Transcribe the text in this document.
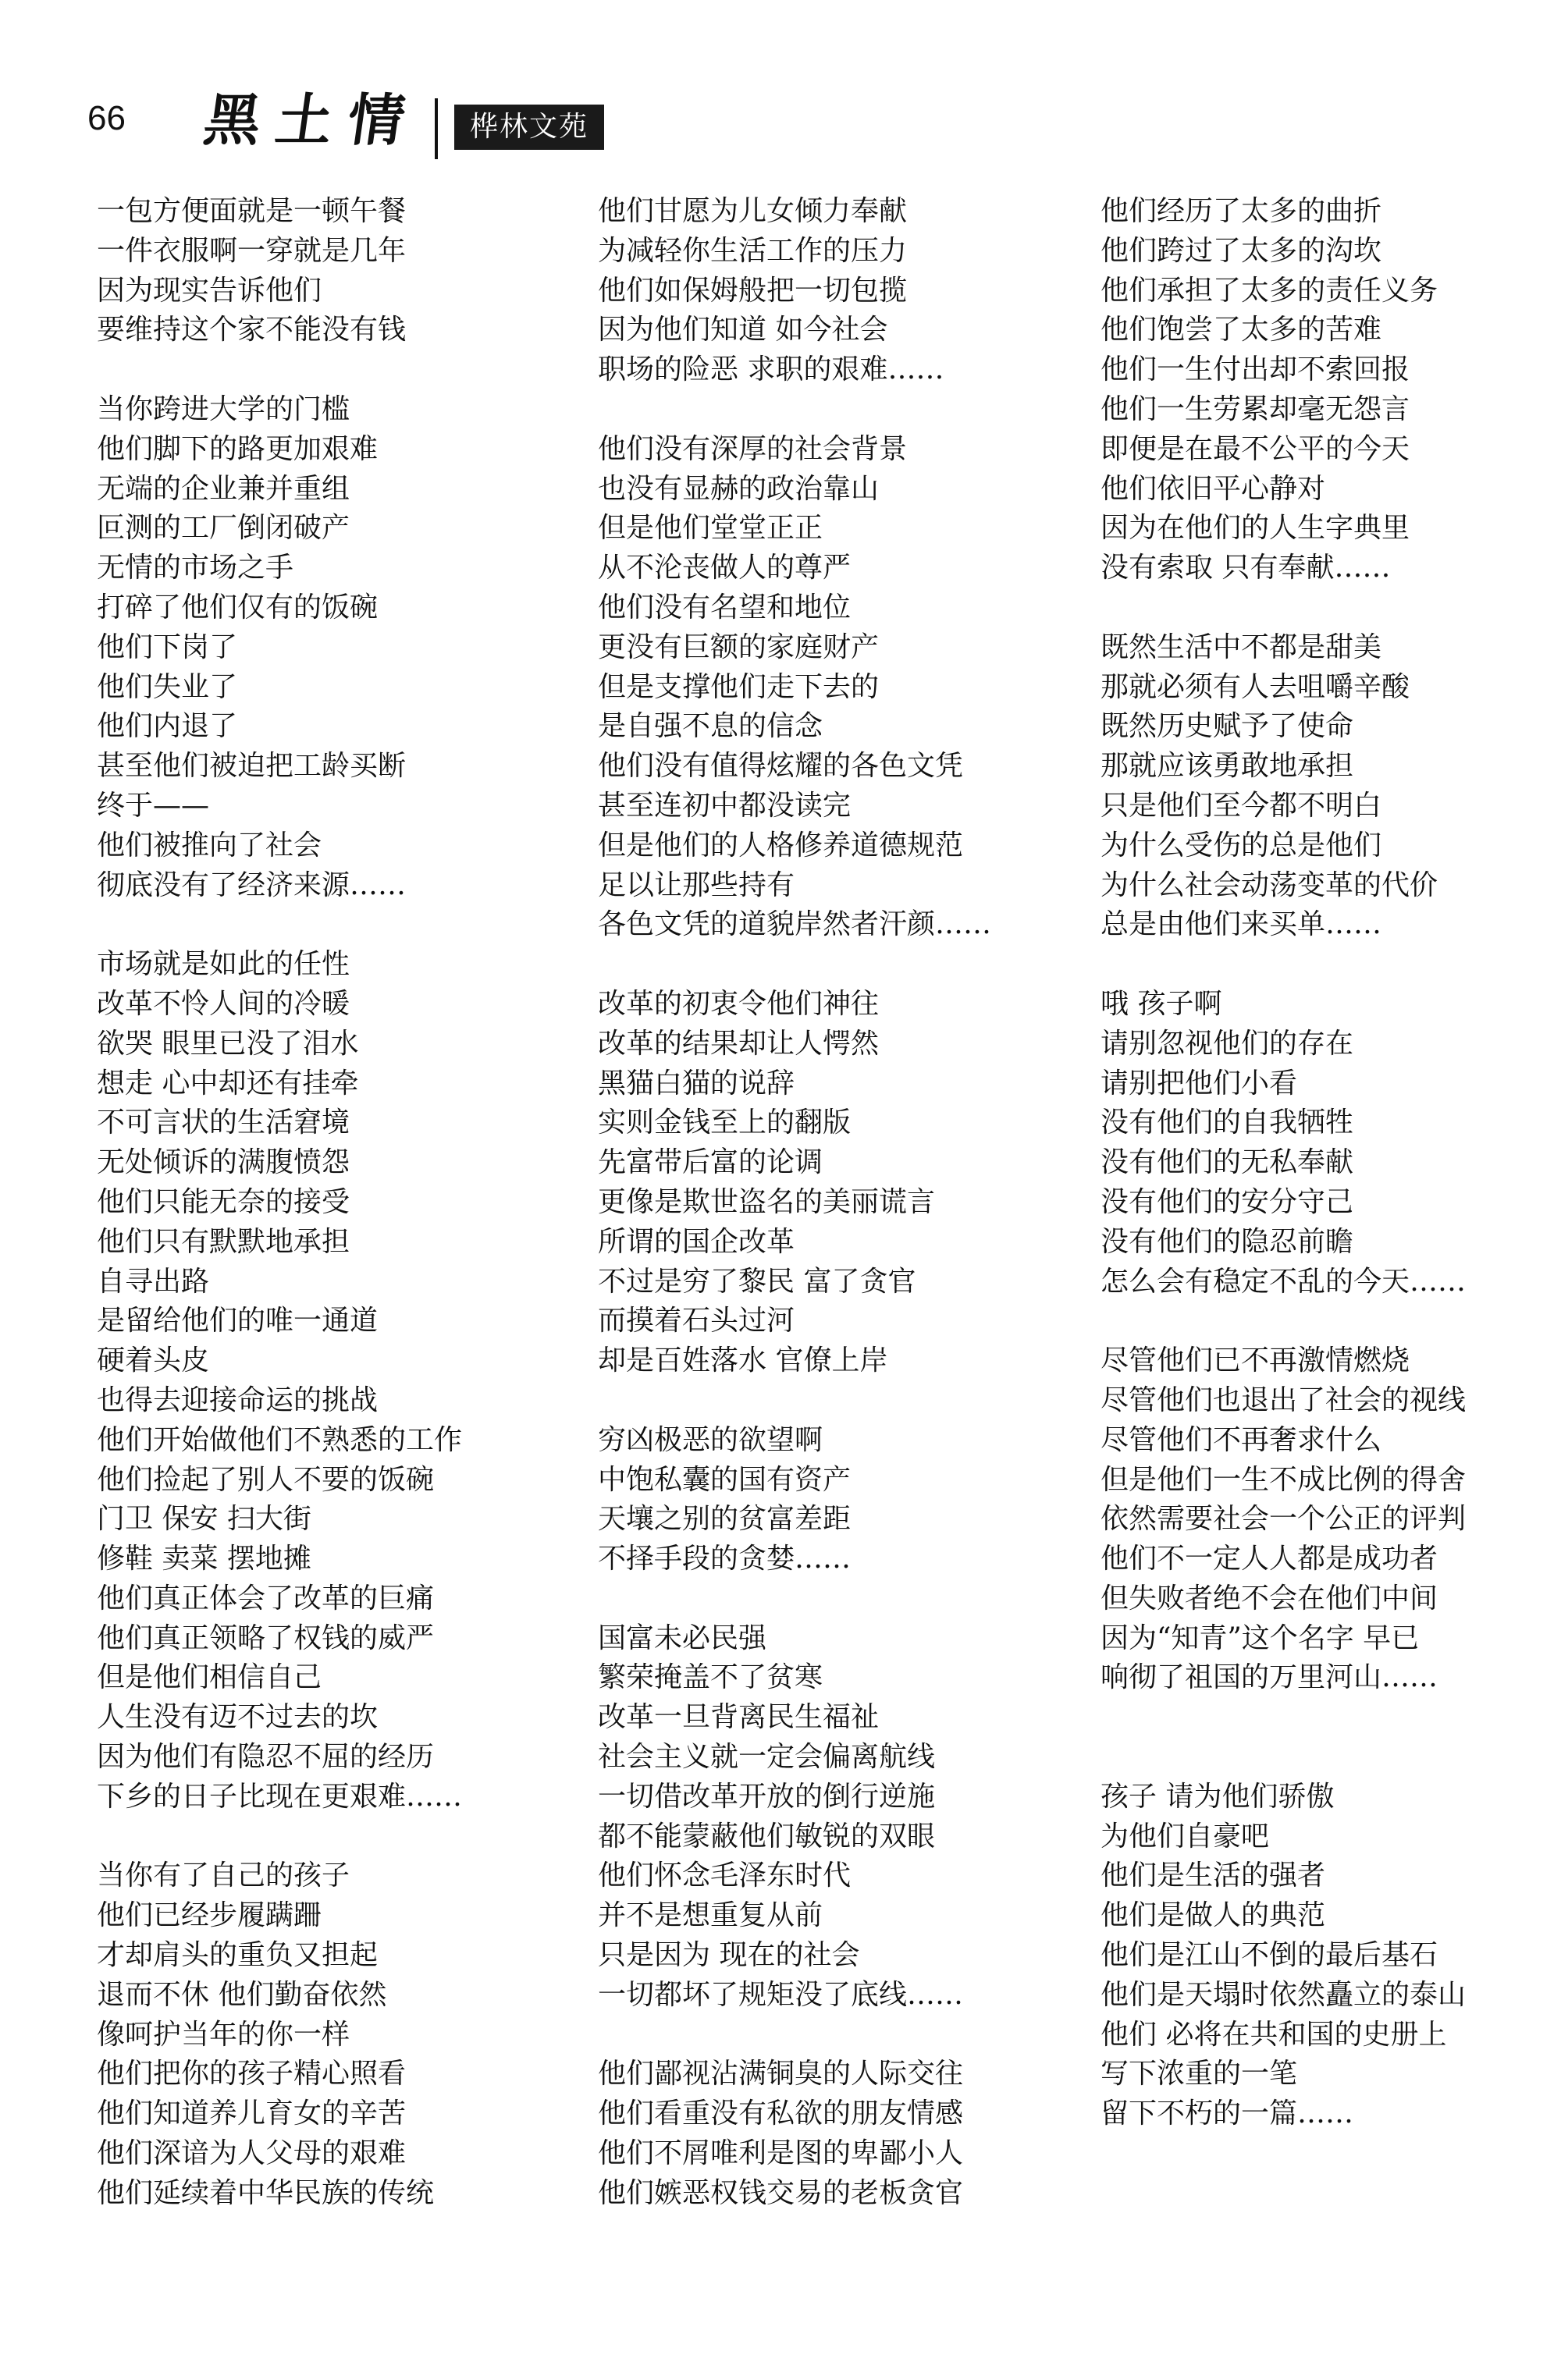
66 黑土情	桦林文苑
一包方便面就是一顿午餐
一件衣服啊一穿就是几年
因为现实告诉他们
要维持这个家不能没有钱
当你跨进大学的门槛
他们脚下的路更加艰难
无端的企业兼并重组
叵测的工厂倒闭破产
无情的市场之手
打碎了他们仅有的饭碗
他们下岗了
他们失业了
他们内退了
甚至他们被迫把工龄买断
终于——
他们被推向了社会
彻底没有了经济来源……
市场就是如此的任性
改革不怜人间的冷暖
欲哭 眼里已没了泪水
想走 心中却还有挂牵
不可言状的生活窘境
无处倾诉的满腹愤怨
他们只能无奈的接受
他们只有默默地承担
自寻出路
是留给他们的唯一通道
硬着头皮
也得去迎接命运的挑战
他们开始做他们不熟悉的工作
他们捡起了别人不要的饭碗
门卫 保安 扫大街
修鞋 卖菜 摆地摊
他们真正体会了改革的巨痛
他们真正领略了权钱的威严
但是他们相信自己
人生没有迈不过去的坎
因为他们有隐忍不屈的经历
下乡的日子比现在更艰难……
当你有了自己的孩子
他们已经步履蹒跚
才却肩头的重负又担起
退而不休 他们勤奋依然
像呵护当年的你一样
他们把你的孩子精心照看
他们知道养儿育女的辛苦
他们深谙为人父母的艰难
他们延续着中华民族的传统
他们甘愿为儿女倾力奉献
为减轻你生活工作的压力
他们如保姆般把一切包揽
因为他们知道 如今社会
职场的险恶 求职的艰难……
他们没有深厚的社会背景
也没有显赫的政治靠山
但是他们堂堂正正
从不沦丧做人的尊严
他们没有名望和地位
更没有巨额的家庭财产
但是支撑他们走下去的
是自强不息的信念
他们没有值得炫耀的各色文凭
甚至连初中都没读完
但是他们的人格修养道德规范
足以让那些持有
各色文凭的道貌岸然者汗颜……
改革的初衷令他们神往
改革的结果却让人愕然
黑猫白猫的说辞
实则金钱至上的翻版
先富带后富的论调
更像是欺世盗名的美丽谎言
所谓的国企改革
不过是穷了黎民 富了贪官
而摸着石头过河
却是百姓落水 官僚上岸
穷凶极恶的欲望啊
中饱私囊的国有资产
天壤之别的贫富差距
不择手段的贪婪……
国富未必民强
繁荣掩盖不了贫寒
改革一旦背离民生福祉
社会主义就一定会偏离航线
一切借改革开放的倒行逆施
都不能蒙蔽他们敏锐的双眼
他们怀念毛泽东时代
并不是想重复从前
只是因为 现在的社会
一切都坏了规矩没了底线……
他们鄙视沾满铜臭的人际交往
他们看重没有私欲的朋友情感
他们不屑唯利是图的卑鄙小人
他们嫉恶权钱交易的老板贪官
他们经历了太多的曲折
他们跨过了太多的沟坎
他们承担了太多的责任义务
他们饱尝了太多的苦难
他们一生付出却不索回报
他们一生劳累却毫无怨言
即便是在最不公平的今天
他们依旧平心静对
因为在他们的人生字典里
没有索取 只有奉献……
既然生活中不都是甜美
那就必须有人去咀嚼辛酸
既然历史赋予了使命
那就应该勇敢地承担
只是他们至今都不明白
为什么受伤的总是他们
为什么社会动荡变革的代价
总是由他们来买单……
哦 孩子啊
请别忽视他们的存在
请别把他们小看
没有他们的自我牺牲
没有他们的无私奉献
没有他们的安分守己
没有他们的隐忍前瞻
怎么会有稳定不乱的今天……
尽管他们已不再激情燃烧
尽管他们也退出了社会的视线
尽管他们不再奢求什么
但是他们一生不成比例的得舍
依然需要社会一个公正的评判
他们不一定人人都是成功者
但失败者绝不会在他们中间
因为“知青”这个名字 早已
响彻了祖国的万里河山……
孩子 请为他们骄傲
为他们自豪吧
他们是生活的强者
他们是做人的典范
他们是江山不倒的最后基石
他们是天塌时依然矗立的泰山
他们 必将在共和国的史册上
写下浓重的一笔
留下不朽的一篇……
